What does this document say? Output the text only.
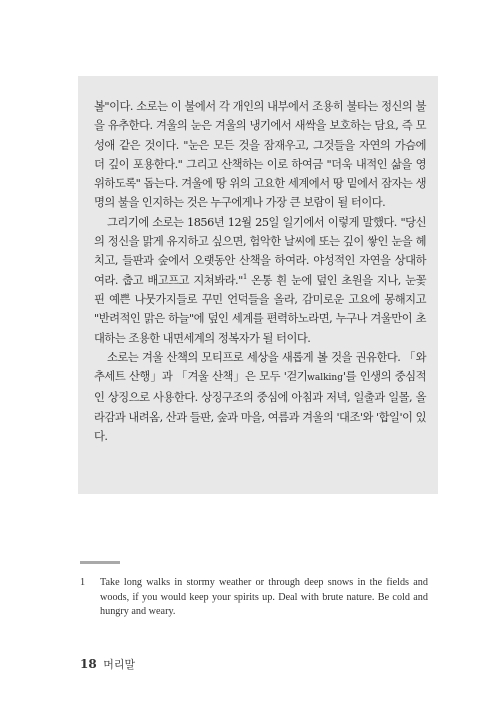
볼"이다. 소로는 이 불에서 각 개인의 내부에서 조용히 불타는 정신의 불을 유추한다. 겨울의 눈은 겨울의 냉기에서 새싹을 보호하는 담요, 즉 모성애 같은 것이다. "눈은 모든 것을 잠재우고, 그것들을 자연의 가슴에 더 깊이 포용한다." 그리고 산책하는 이로 하여금 "더욱 내적인 삶을 영위하도록" 돕는다. 겨울에 땅 위의 고요한 세계에서 땅 밑에서 잠자는 생명의 불을 인지하는 것은 누구에게나 가장 큰 보람이 될 터이다.

그리기에 소로는 1856년 12월 25일 일기에서 이렇게 말했다. "당신의 정신을 맑게 유지하고 싶으면, 험악한 날씨에 또는 깊이 쌓인 눈을 헤치고, 들판과 숲에서 오랫동안 산책을 하여라. 야성적인 자연을 상대하여라. 춥고 배고프고 지쳐봐라."$^1$ 온통 흰 눈에 덮인 초원을 지나, 눈꽃 핀 예쁜 나뭇가지들로 꾸민 언덕들을 올라, 감미로운 고요에 몽해지고 "반려적인 맑은 하늘"에 덮인 세계를 편력하노라면, 누구나 겨울만이 초대하는 조용한 내면세계의 정복자가 될 터이다.

소로는 겨울 산책의 모티프로 세상을 새롭게 볼 것을 권유한다. 「와추세트 산행」과 「겨울 산책」은 모두 '걷기walking'를 인생의 중심적인 상징으로 사용한다. 상징구조의 중심에 아침과 저녁, 일출과 일몰, 올라감과 내려옴, 산과 들판, 숲과 마을, 여름과 겨울의 '대조'와 '합일'이 있다.

1	Take long walks in stormy weather or through deep snows in the fields and woods, if you would keep your spirits up. Deal with brute nature. Be cold and hungry and weary.
18 머리말
